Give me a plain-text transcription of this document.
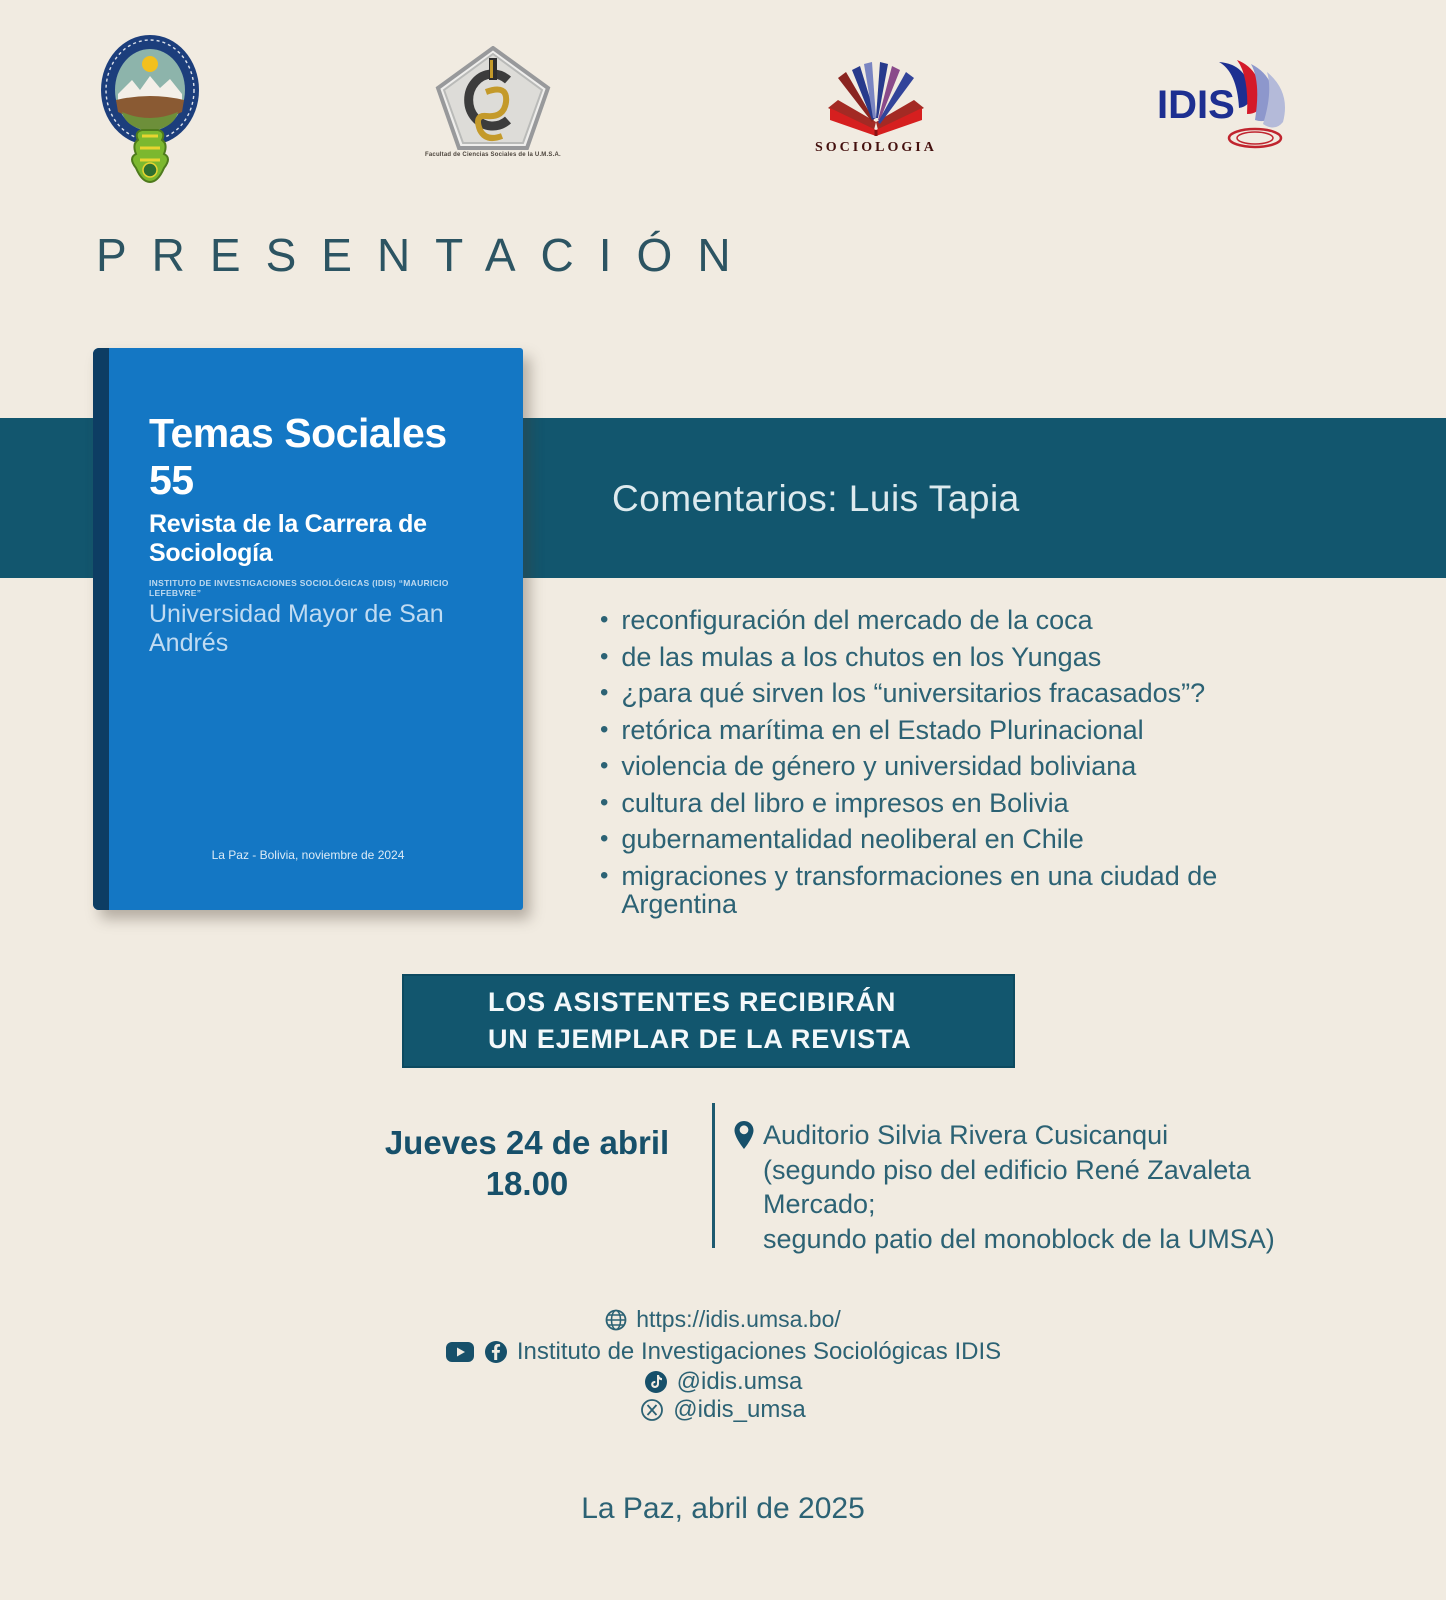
Facultad de Ciencias Sociales de la U.M.S.A.	SOCIOLOGIA
IDIS
PRESENTACIÓN
Comentarios: Luis Tapia
Temas Sociales 55
Revista de la Carrera de Sociología
INSTITUTO DE INVESTIGACIONES SOCIOLÓGICAS (IDIS) “MAURICIO LEFEBVRE”
Universidad Mayor de San Andrés
La Paz - Bolivia, noviembre de 2024
• reconfiguración del mercado de la coca
• de las mulas a los chutos en los Yungas
• ¿para qué sirven los “universitarios fracasados”?
• retórica marítima en el Estado Plurinacional
• violencia de género y universidad boliviana
• cultura del libro e impresos en Bolivia
• gubernamentalidad neoliberal en Chile
• migraciones y transformaciones en una ciudad de Argentina
LOS ASISTENTES RECIBIRÁN
UN EJEMPLAR DE LA REVISTA
Jueves 24 de abril
18.00
Auditorio Silvia Rivera Cusicanqui
(segundo piso del edificio René Zavaleta Mercado;
segundo patio del monoblock de la UMSA)
https://idis.umsa.bo/
Instituto de Investigaciones Sociológicas IDIS
@idis.umsa
@idis_umsa
La Paz, abril de 2025
